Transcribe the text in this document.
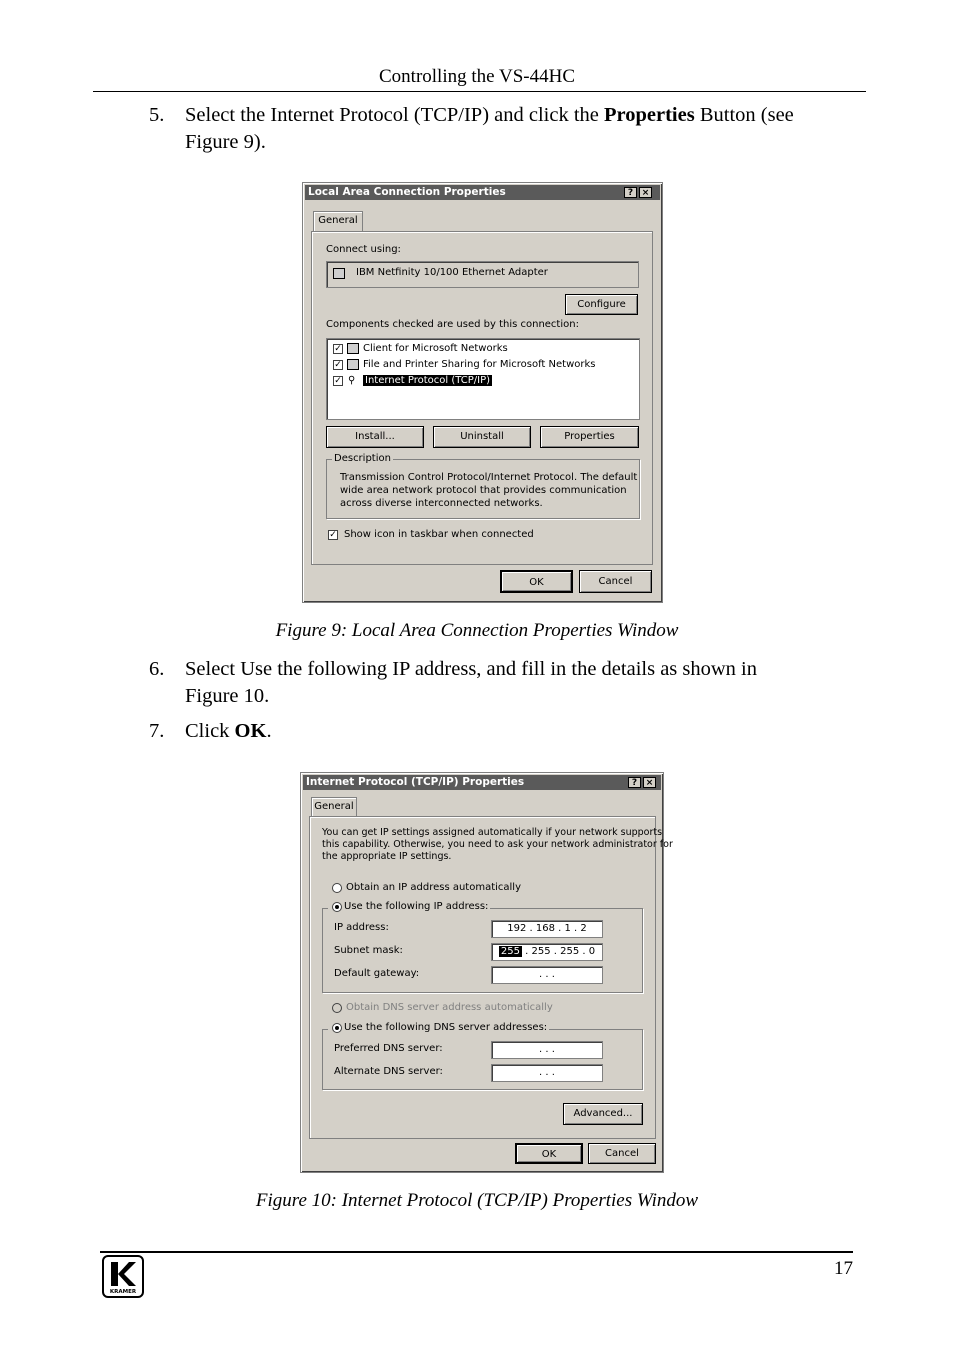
Controlling the VS-44HC
5.	Select the Internet Protocol (TCP/IP) and click the Properties Button (see Figure 9).
Local Area Connection Properties	? ×
General
Connect using:
IBM Netfinity 10/100 Ethernet Adapter
Configure
Components checked are used by this connection:
✓ Client for Microsoft Networks
✓ File and Printer Sharing for Microsoft Networks
✓ ⚲ Internet Protocol (TCP/IP)
Install...	Uninstall	Properties
Description
Transmission Control Protocol/Internet Protocol. The default
wide area network protocol that provides communication
across diverse interconnected networks.
✓ Show icon in taskbar when connected
OK	Cancel
Figure 9: Local Area Connection Properties Window
6.	Select Use the following IP address, and fill in the details as shown in Figure 10.
7.	Click OK.
Internet Protocol (TCP/IP) Properties	? ×
General
You can get IP settings assigned automatically if your network supports
this capability. Otherwise, you need to ask your network administrator for
the appropriate IP settings.
Obtain an IP address automatically
Use the following IP address:
IP address:	192 . 168 . 1 . 2
Subnet mask:	255 . 255 . 255 . 0
Default gateway:	. . .
Obtain DNS server address automatically
Use the following DNS server addresses:
Preferred DNS server:	. . .
Alternate DNS server:	. . .
Advanced...
OK	Cancel
Figure 10: Internet Protocol (TCP/IP) Properties Window
KRAMER
17
